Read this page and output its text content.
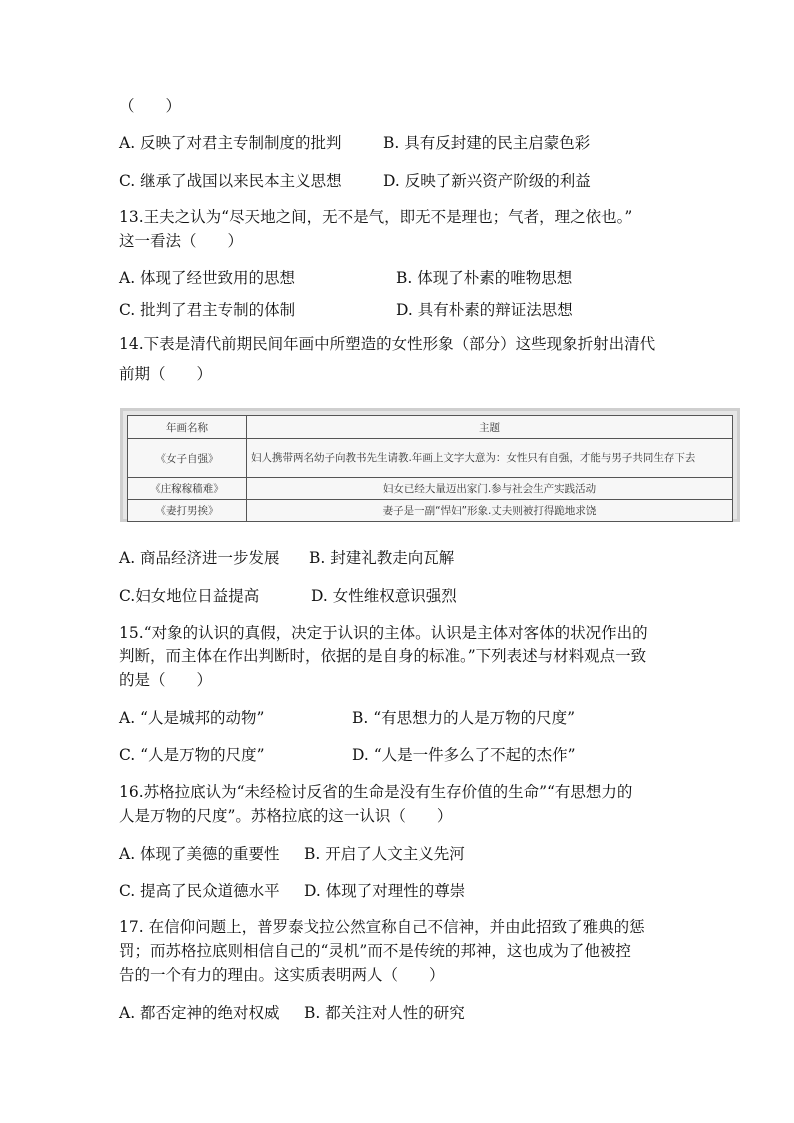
（　　）
A. 反映了对君主专制制度的批判	B. 具有反封建的民主启蒙色彩
C. 继承了战国以来民本主义思想	D. 反映了新兴资产阶级的利益
13.王夫之认为“尽天地之间，无不是气，即无不是理也；气者，理之依也。”
这一看法（　　）
A. 体现了经世致用的思想	B. 体现了朴素的唯物思想
C. 批判了君主专制的体制	D. 具有朴素的辩证法思想
14.下表是清代前期民间年画中所塑造的女性形象（部分）这些现象折射出清代
前期（　　）
年画名称	主题
《女子自强》	妇人携带两名幼子向教书先生请教.年画上文字大意为：女性只有自强，才能与男子共同生存下去
《庄稼稼穑难》	妇女已经大量迈出家门.参与社会生产实践活动
《妻打男挨》	妻子是一副“悍妇”形象.丈夫则被打得跪地求饶
A. 商品经济进一步发展 B. 封建礼教走向瓦解
C.妇女地位日益提高	D. 女性维权意识强烈
15.“对象的认识的真假，决定于认识的主体。认识是主体对客体的状况作出的
判断，而主体在作出判断时，依据的是自身的标准。”下列表述与材料观点一致
的是（　　）
A. “人是城邦的动物”	B. “有思想力的人是万物的尺度”
C. “人是万物的尺度”	D. “人是一件多么了不起的杰作”
16.苏格拉底认为“未经检讨反省的生命是没有生存价值的生命”“有思想力的
人是万物的尺度”。苏格拉底的这一认识（　　）
A. 体现了美德的重要性 B. 开启了人文主义先河
C. 提高了民众道德水平 D. 体现了对理性的尊崇
17. 在信仰问题上，普罗泰戈拉公然宣称自己不信神，并由此招致了雅典的惩
罚；而苏格拉底则相信自己的“灵机”而不是传统的邦神，这也成为了他被控
告的一个有力的理由。这实质表明两人（　　）
A. 都否定神的绝对权威 B. 都关注对人性的研究
